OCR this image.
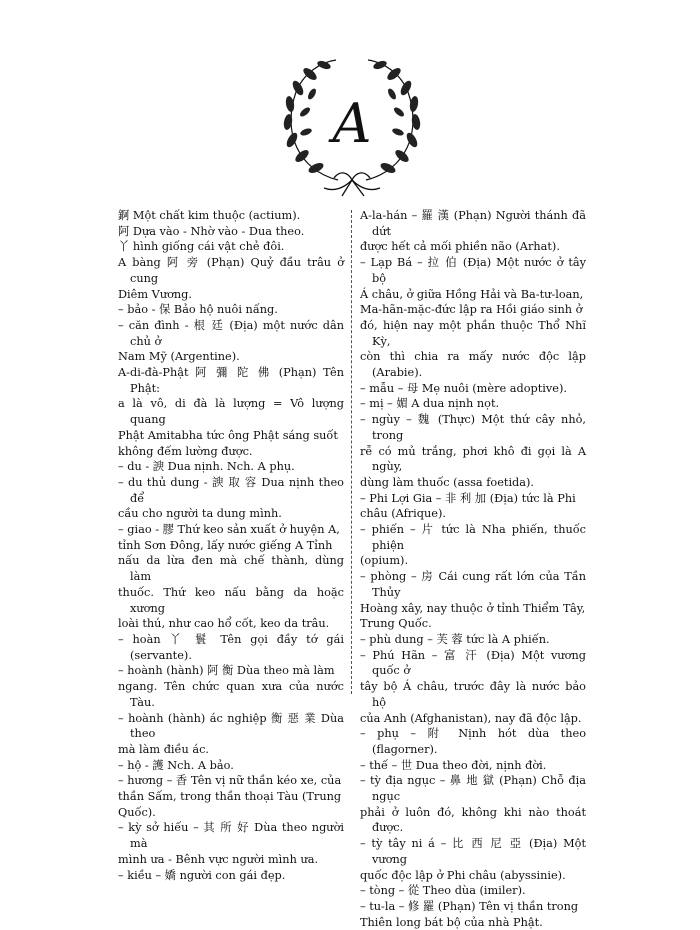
A

錒 Một chất kim thuộc (actium).

阿 Dựa vào - Nhờ vào - Dua theo.

丫 hình giống cái vật chẻ đôi.

A bàng 阿 旁 (Phạn) Quỷ đầu trâu ở cung
Diêm Vương.

– bảo - 保 Bảo hộ nuôi nấng.

– căn đình - 根 廷 (Địa) một nước dân chủ ở
Nam Mỹ (Argentine).

A-di-đà-Phật 阿 彌 陀 佛 (Phạn) Tên Phật:
a là vô, di đà là lượng = Vô lượng quang
Phật Amitabha tức ông Phật sáng suốt
không đếm lường được.

– du - 諛 Dua nịnh. Nch. A phụ.

– du thủ dung - 諛 取 容 Dua nịnh theo để
cầu cho người ta dung mình.

– giao - 膠 Thứ keo sản xuất ở huyện A,
tỉnh Sơn Đông, lấy nước giếng A Tỉnh
nấu da lừa đen mà chế thành, dùng làm
thuốc. Thứ keo nấu bằng da hoặc xương
loài thú, như cao hổ cốt, keo da trâu.

– hoàn 丫 鬟 Tên gọi đầy tớ gái (servante).

– hoành (hành) 阿 衡 Dùa theo mà làm
ngang. Tên chức quan xưa của nước Tàu.

– hoành (hành) ác nghiệp 衡 惡 業 Dùa theo
mà làm điều ác.

– hộ - 護 Nch. A bảo.

– hương – 香 Tên vị nữ thần kéo xe, của
thần Sấm, trong thần thoại Tàu (Trung
Quốc).

– kỳ sở hiếu – 其 所 好 Dùa theo người mà
mình ưa - Bênh vực người mình ưa.

– kiều – 嬌 người con gái đẹp.

A-la-hán – 羅 漢 (Phạn) Người thánh đã dứt
được hết cả mối phiền não (Arhat).

– Lạp Bá – 拉 伯 (Địa) Một nước ở tây bộ
Á châu, ở giữa Hồng Hải và Ba-tư-loan,
Ma-hãn-mặc-đức lập ra Hồi giáo sinh ở
đó, hiện nay một phần thuộc Thổ Nhĩ Kỳ,
còn thì chia ra mấy nước độc lập (Arabie).

– mẫu – 母 Mẹ nuôi (mère adoptive).

– mị – 媚 A dua nịnh nọt.

– ngùy – 魏 (Thực) Một thứ cây nhỏ, trong
rễ có mủ trắng, phơi khô đi gọi là A ngùy,
dùng làm thuốc (assa foetida).

– Phi Lợi Gia – 非 利 加 (Địa) tức là Phi
châu (Afrique).

– phiến – 片 tức là Nha phiến, thuốc phiện
(opium).

– phòng – 房 Cái cung rất lớn của Tần Thủy
Hoàng xây, nay thuộc ở tỉnh Thiểm Tây,
Trung Quốc.

– phù dung – 芙 蓉 tức là A phiến.

– Phú Hãn – 富 汗 (Địa) Một vương quốc ở
tây bộ Á châu, trước đây là nước bảo hộ
của Anh (Afghanistan), nay đã độc lập.

– phụ – 附 Nịnh hót dùa theo (flagorner).

– thế – 世 Dua theo đời, nịnh đời.

– tỳ địa ngục – 鼻 地 獄 (Phạn) Chỗ địa ngục
phải ở luôn đó, không khi nào thoát được.

– tỳ tây ni á – 比 西 尼 亞 (Địa) Một vương
quốc độc lập ở Phi châu (abyssinie).

– tòng – 從 Theo dùa (imiler).

– tu-la – 修 羅 (Phạn) Tên vị thần trong
Thiên long bát bộ của nhà Phật.
